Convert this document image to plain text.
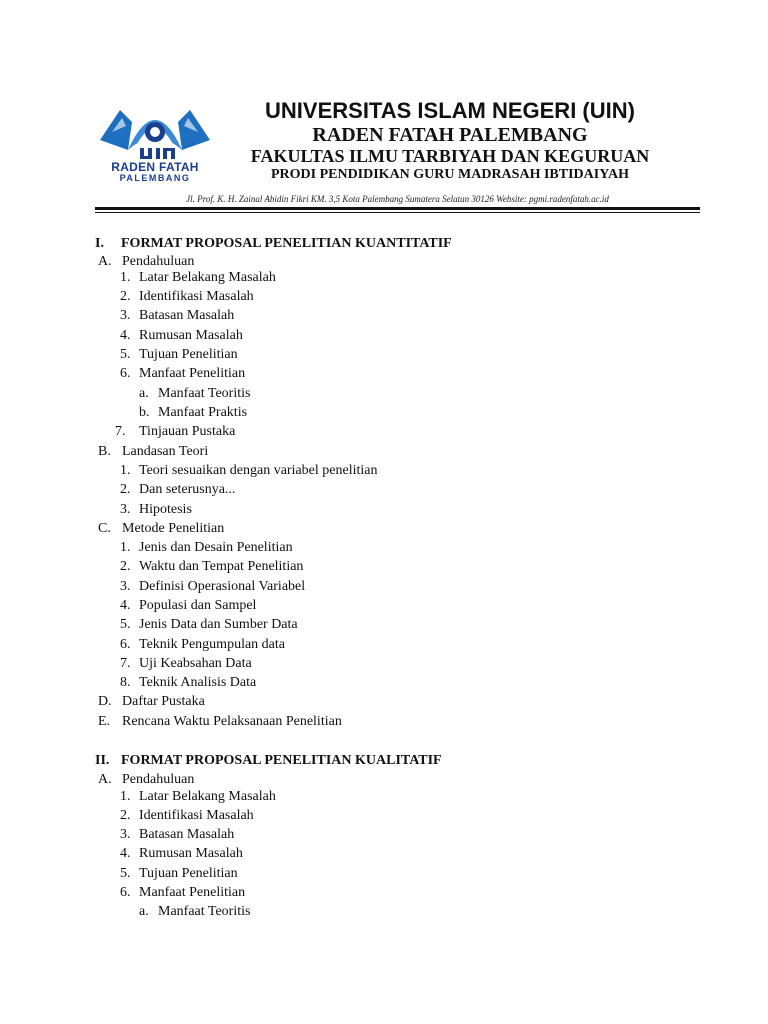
RADEN FATAH
PALEMBANG
UNIVERSITAS ISLAM NEGERI (UIN)
RADEN FATAH PALEMBANG
FAKULTAS ILMU TARBIYAH DAN KEGURUAN
PRODI PENDIDIKAN GURU MADRASAH IBTIDAIYAH
Jl. Prof. K. H. Zainal Abidin Fikri KM. 3,5 Kota Palembang Sumatera Selatan 30126 Website: pgmi.radenfatah.ac.id
I. FORMAT PROPOSAL PENELITIAN KUANTITATIF
A. Pendahuluan
1. Latar Belakang Masalah
2. Identifikasi Masalah
3. Batasan Masalah
4. Rumusan Masalah
5. Tujuan Penelitian
6. Manfaat Penelitian
a. Manfaat Teoritis
b. Manfaat Praktis
7. Tinjauan Pustaka
B. Landasan Teori
1. Teori sesuaikan dengan variabel penelitian
2. Dan seterusnya...
3. Hipotesis
C. Metode Penelitian
1. Jenis dan Desain Penelitian
2. Waktu dan Tempat Penelitian
3. Definisi Operasional Variabel
4. Populasi dan Sampel
5. Jenis Data dan Sumber Data
6. Teknik Pengumpulan data
7. Uji Keabsahan Data
8. Teknik Analisis Data
D. Daftar Pustaka
E. Rencana Waktu Pelaksanaan Penelitian
II. FORMAT PROPOSAL PENELITIAN KUALITATIF
A. Pendahuluan
1. Latar Belakang Masalah
2. Identifikasi Masalah
3. Batasan Masalah
4. Rumusan Masalah
5. Tujuan Penelitian
6. Manfaat Penelitian
a. Manfaat Teoritis
